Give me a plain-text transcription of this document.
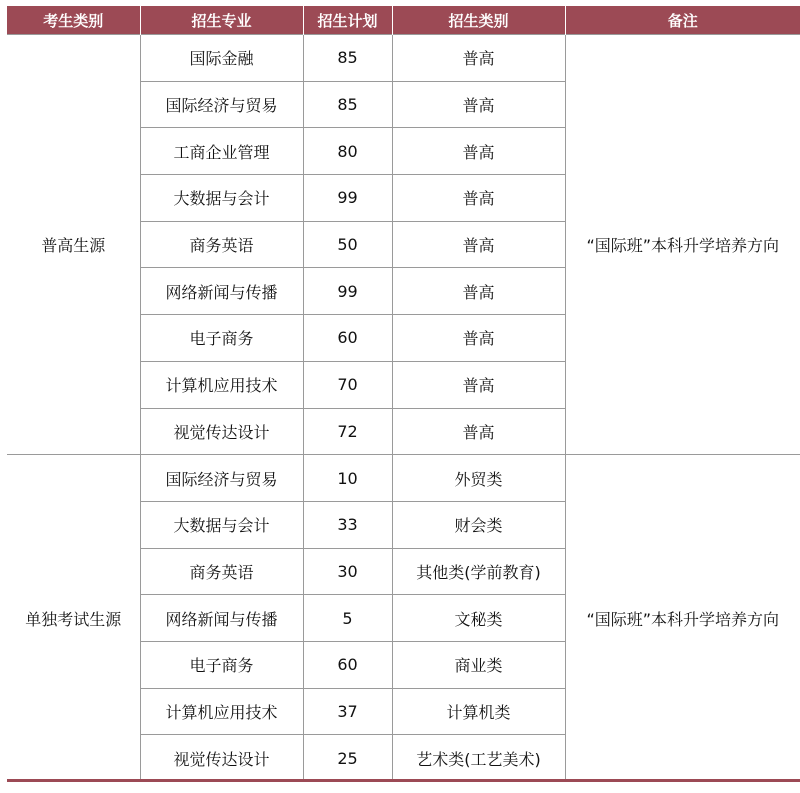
考生类别	招生专业	招生计划	招生类别	备注
普高生源	国际金融	85	普高	“国际班”本科升学培养方向
	国际经济与贸易	85	普高	
	工商企业管理	80	普高	
	大数据与会计	99	普高	
	商务英语	50	普高	
	网络新闻与传播	99	普高	
	电子商务	60	普高	
	计算机应用技术	70	普高	
	视觉传达设计	72	普高	
单独考试生源	国际经济与贸易	10	外贸类	“国际班”本科升学培养方向
	大数据与会计	33	财会类	
	商务英语	30	其他类(学前教育)	
	网络新闻与传播	5	文秘类	
	电子商务	60	商业类	
	计算机应用技术	37	计算机类	
	视觉传达设计	25	艺术类(工艺美术)	
